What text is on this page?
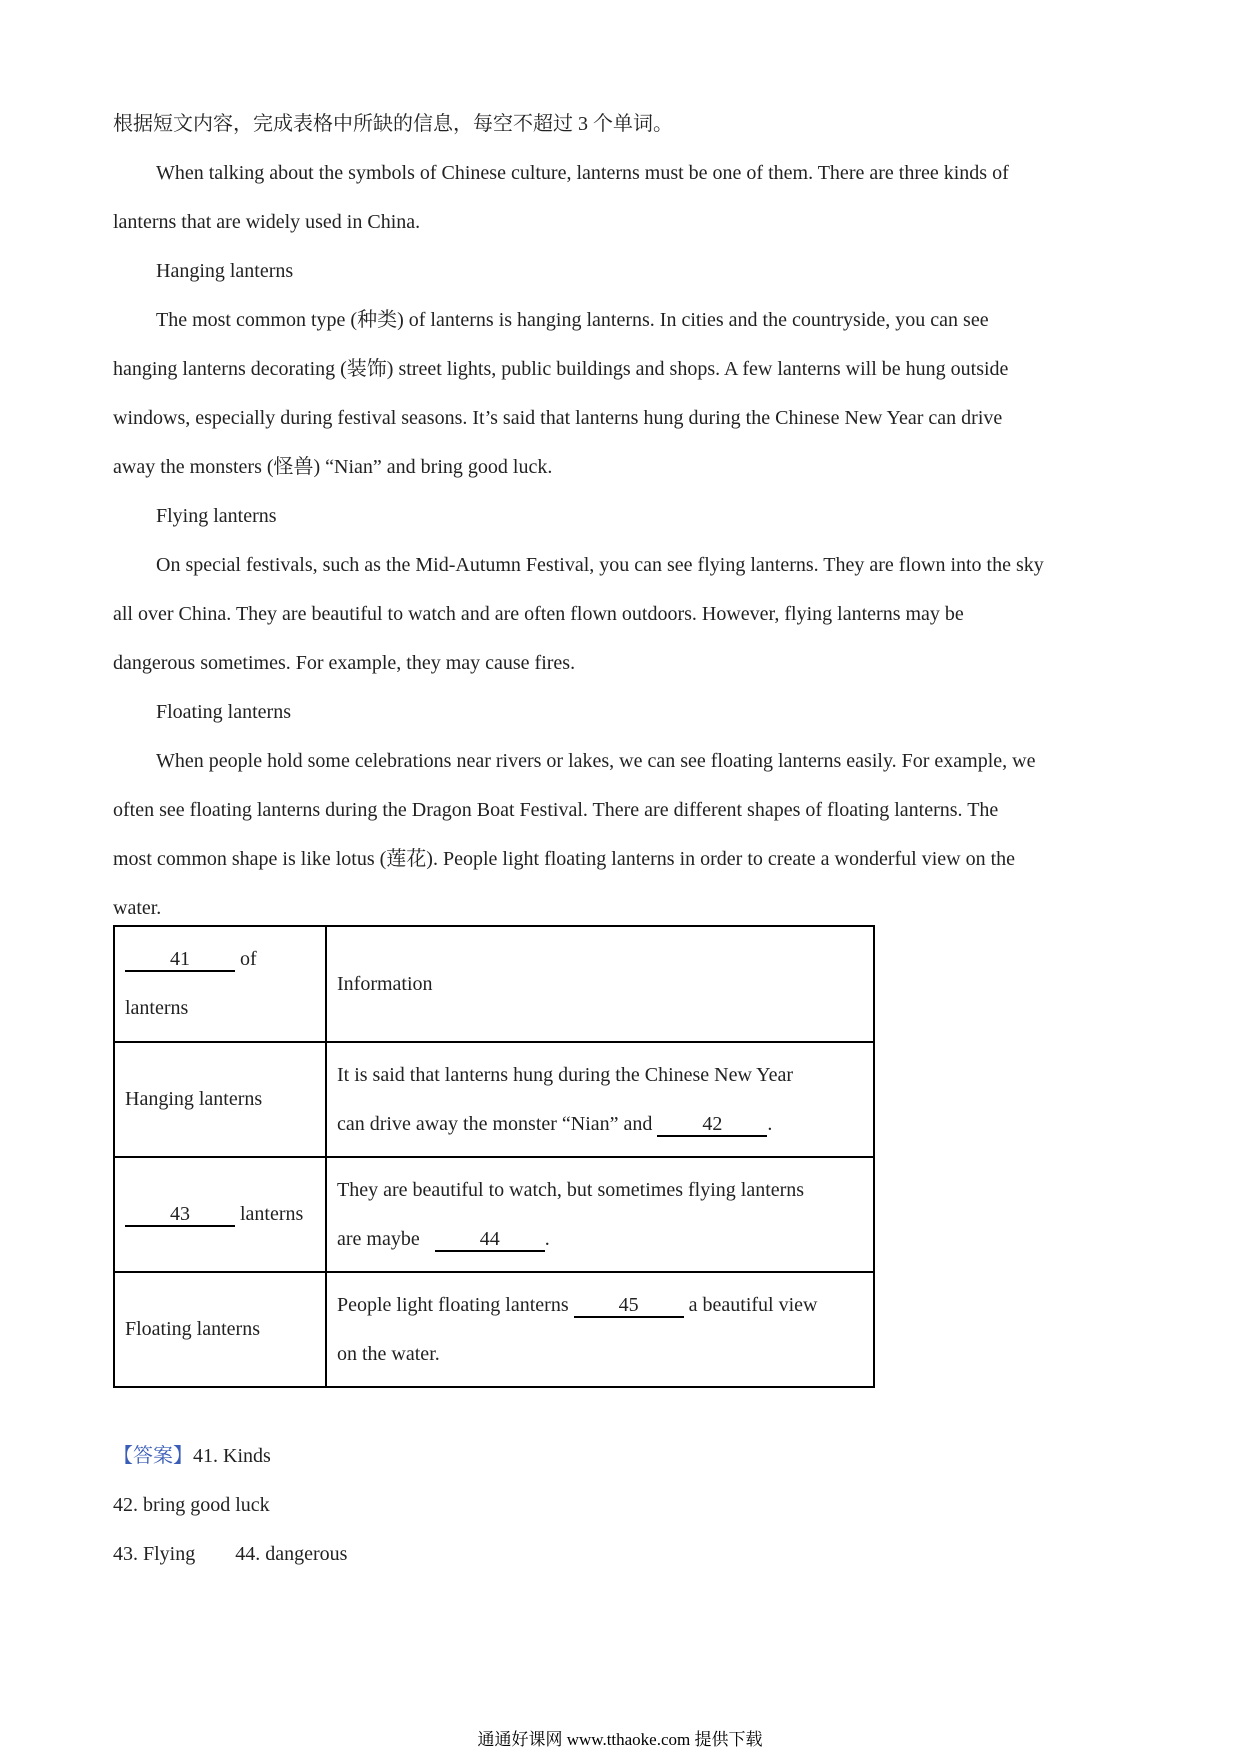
根据短文内容，完成表格中所缺的信息，每空不超过 3 个单词。

When talking about the symbols of Chinese culture, lanterns must be one of them. There are three kinds of

lanterns that are widely used in China.

Hanging lanterns

The most common type (种类) of lanterns is hanging lanterns. In cities and the countryside, you can see

hanging lanterns decorating (装饰) street lights, public buildings and shops. A few lanterns will be hung outside

windows, especially during festival seasons. It’s said that lanterns hung during the Chinese New Year can drive

away the monsters (怪兽) “Nian” and bring good luck.

Flying lanterns

On special festivals, such as the Mid-Autumn Festival, you can see flying lanterns. They are flown into the sky

all over China. They are beautiful to watch and are often flown outdoors. However, flying lanterns may be

dangerous sometimes. For example, they may cause fires.

Floating lanterns

When people hold some celebrations near rivers or lakes, we can see floating lanterns easily. For example, we

often see floating lanterns during the Dragon Boat Festival. There are different shapes of floating lanterns. The

most common shape is like lotus (莲花). People light floating lanterns in order to create a wonderful view on the

water.

41 of
lanterns	Information
Hanging lanterns	It is said that lanterns hung during the Chinese New Year
can drive away the monster “Nian” and 42 .
43 lanterns	They are beautiful to watch, but sometimes flying lanterns
are maybe 44 .
Floating lanterns	People light floating lanterns 45 a beautiful view
on the water.

【答案】41. Kinds

42. bring good luck

43. Flying 44. dangerous

通通好课网 www.tthaoke.com 提供下载
